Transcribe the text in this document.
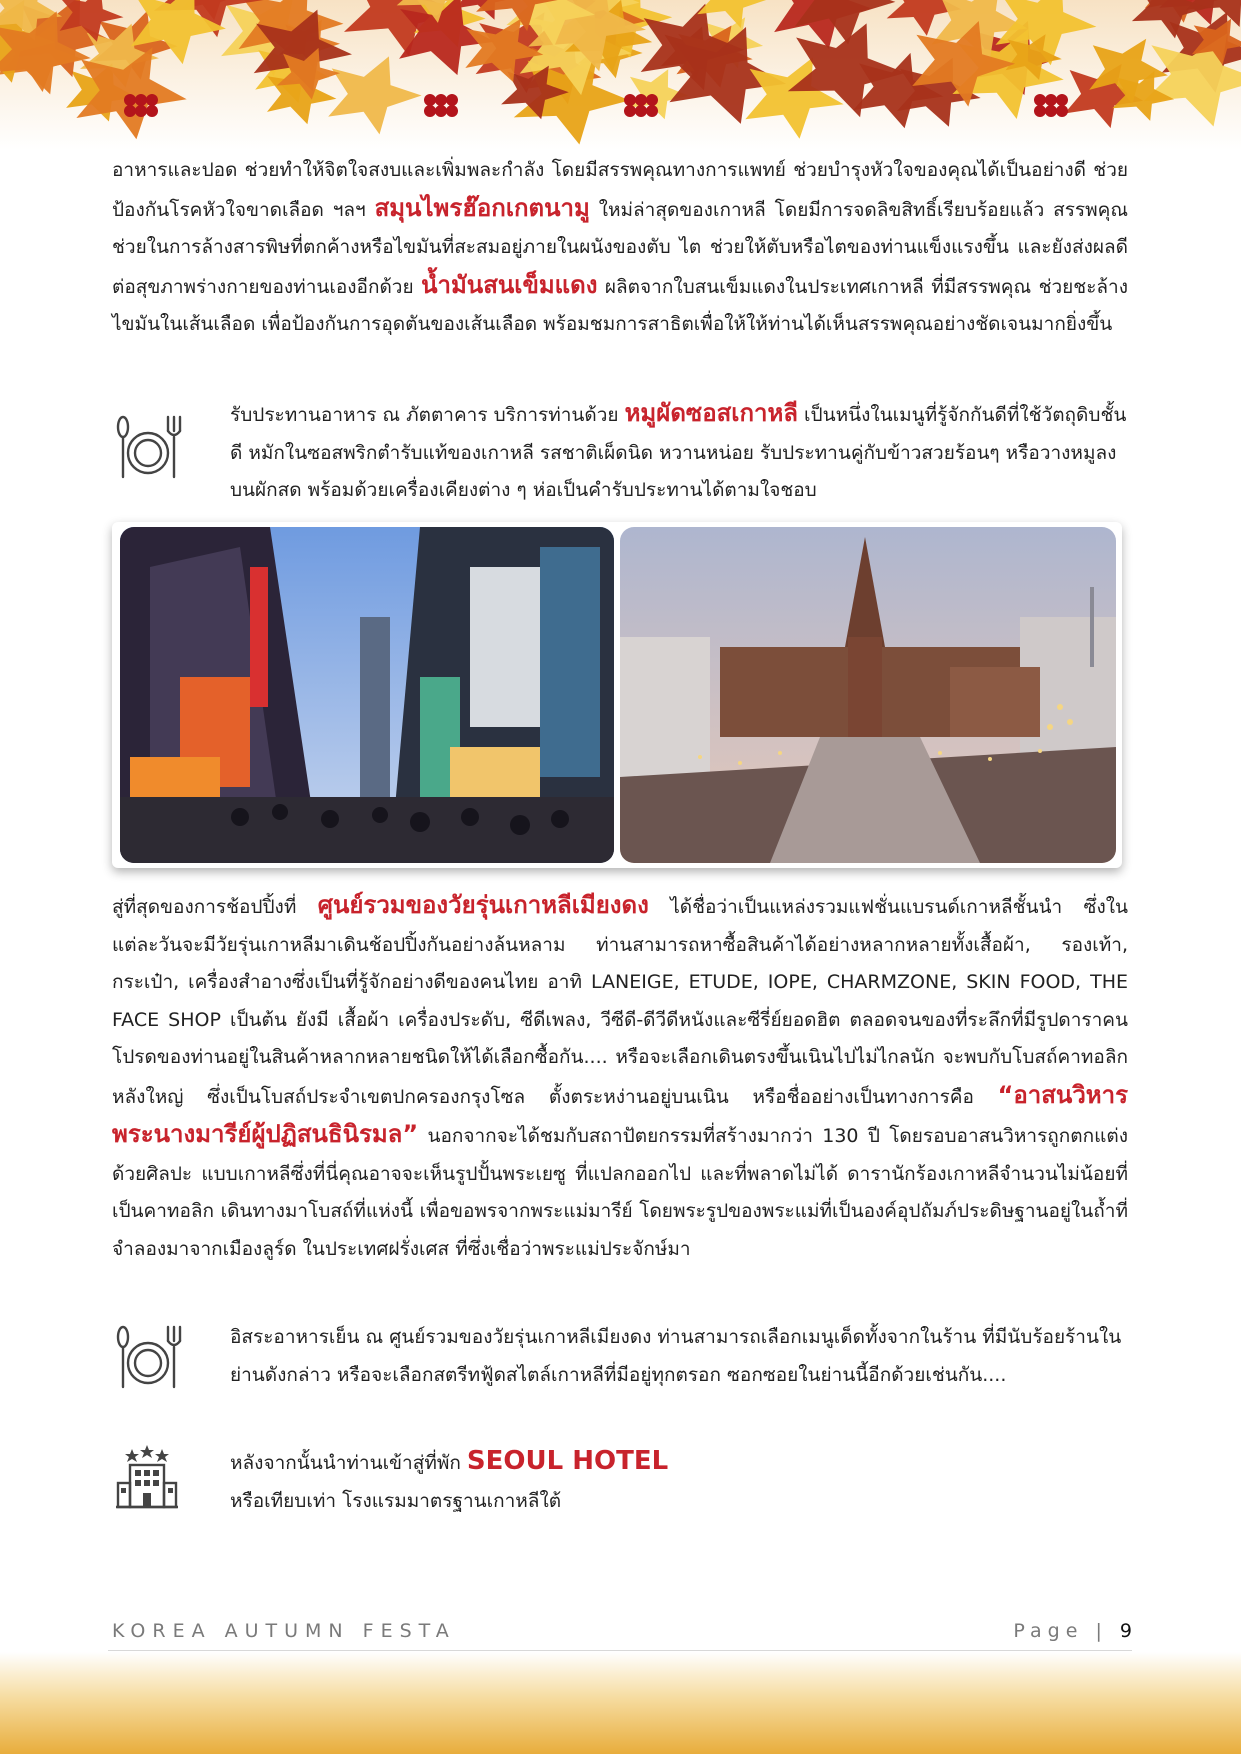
อาหารและปอด ช่วยทำให้จิตใจสงบและเพิ่มพละกำลัง โดยมีสรรพคุณทางการแพทย์ ช่วยบำรุงหัวใจของคุณได้เป็นอย่างดี ช่วยป้องกันโรคหัวใจขาดเลือด ฯลฯ สมุนไพรฮ๊อกเกตนามู ใหม่ล่าสุดของเกาหลี โดยมีการจดลิขสิทธิ์เรียบร้อยแล้ว สรรพคุณช่วยในการล้างสารพิษที่ตกค้างหรือไขมันที่สะสมอยู่ภายในผนังของตับ ไต ช่วยให้ตับหรือไตของท่านแข็งแรงขึ้น และยังส่งผลดีต่อสุขภาพร่างกายของท่านเองอีกด้วย น้ำมันสนเข็มแดง ผลิตจากใบสนเข็มแดงในประเทศเกาหลี ที่มีสรรพคุณ ช่วยชะล้างไขมันในเส้นเลือด เพื่อป้องกันการอุดตันของเส้นเลือด พร้อมชมการสาธิตเพื่อให้ให้ท่านได้เห็นสรรพคุณอย่างชัดเจนมากยิ่งขึ้น

รับประทานอาหาร ณ ภัตตาคาร บริการท่านด้วย หมูผัดซอสเกาหลี เป็นหนึ่งในเมนูที่รู้จักกันดีที่ใช้วัตถุดิบชั้นดี หมักในซอสพริกตำรับแท้ของเกาหลี รสชาติเผ็ดนิด หวานหน่อย รับประทานคู่กับข้าวสวยร้อนๆ หรือวางหมูลงบนผักสด พร้อมด้วยเครื่องเคียงต่าง ๆ ห่อเป็นคำรับประทานได้ตามใจชอบ

สู่ที่สุดของการช้อปปิ้งที่ ศูนย์รวมของวัยรุ่นเกาหลีเมียงดง ได้ชื่อว่าเป็นแหล่งรวมแฟชั่นแบรนด์เกาหลีชั้นนำ ซึ่งในแต่ละวันจะมีวัยรุ่นเกาหลีมาเดินช้อปปิ้งกันอย่างล้นหลาม ท่านสามารถหาซื้อสินค้าได้อย่างหลากหลายทั้งเสื้อผ้า, รองเท้า, กระเป๋า, เครื่องสำอางซึ่งเป็นที่รู้จักอย่างดีของคนไทย อาทิ LANEIGE, ETUDE, IOPE, CHARMZONE, SKIN FOOD, THE FACE SHOP เป็นต้น ยังมี เสื้อผ้า เครื่องประดับ, ซีดีเพลง, วีซีดี-ดีวีดีหนังและซีรี่ย์ยอดฮิต ตลอดจนของที่ระลึกที่มีรูปดาราคนโปรดของท่านอยู่ในสินค้าหลากหลายชนิดให้ได้เลือกซื้อกัน.... หรือจะเลือกเดินตรงขึ้นเนินไปไม่ไกลนัก จะพบกับโบสถ์คาทอลิกหลังใหญ่ ซึ่งเป็นโบสถ์ประจำเขตปกครองกรุงโซล ตั้งตระหง่านอยู่บนเนิน หรือชื่ออย่างเป็นทางการคือ “อาสนวิหารพระนางมารีย์ผู้ปฏิสนธินิรมล” นอกจากจะได้ชมกับสถาปัตยกรรมที่สร้างมากว่า 130 ปี โดยรอบอาสนวิหารถูกตกแต่งด้วยศิลปะ แบบเกาหลีซึ่งที่นี่คุณอาจจะเห็นรูปปั้นพระเยซู ที่แปลกออกไป และที่พลาดไม่ได้ ดารานักร้องเกาหลีจำนวนไม่น้อยที่เป็นคาทอลิก เดินทางมาโบสถ์ที่แห่งนี้ เพื่อขอพรจากพระแม่มารีย์ โดยพระรูปของพระแม่ที่เป็นองค์อุปถัมภ์ประดิษฐานอยู่ในถ้ำที่จำลองมาจากเมืองลูร์ด ในประเทศฝรั่งเศส ที่ซึ่งเชื่อว่าพระแม่ประจักษ์มา

อิสระอาหารเย็น ณ ศูนย์รวมของวัยรุ่นเกาหลีเมียงดง ท่านสามารถเลือกเมนูเด็ดทั้งจากในร้าน ที่มีนับร้อยร้านในย่านดังกล่าว หรือจะเลือกสตรีทฟู้ดสไตล์เกาหลีที่มีอยู่ทุกตรอก ซอกซอยในย่านนี้อีกด้วยเช่นกัน....
หลังจากนั้นนำท่านเข้าสู่ที่พัก SEOUL HOTEL
หรือเทียบเท่า โรงแรมมาตรฐานเกาหลีใต้
KOREA AUTUMN FESTA	Page | 9
